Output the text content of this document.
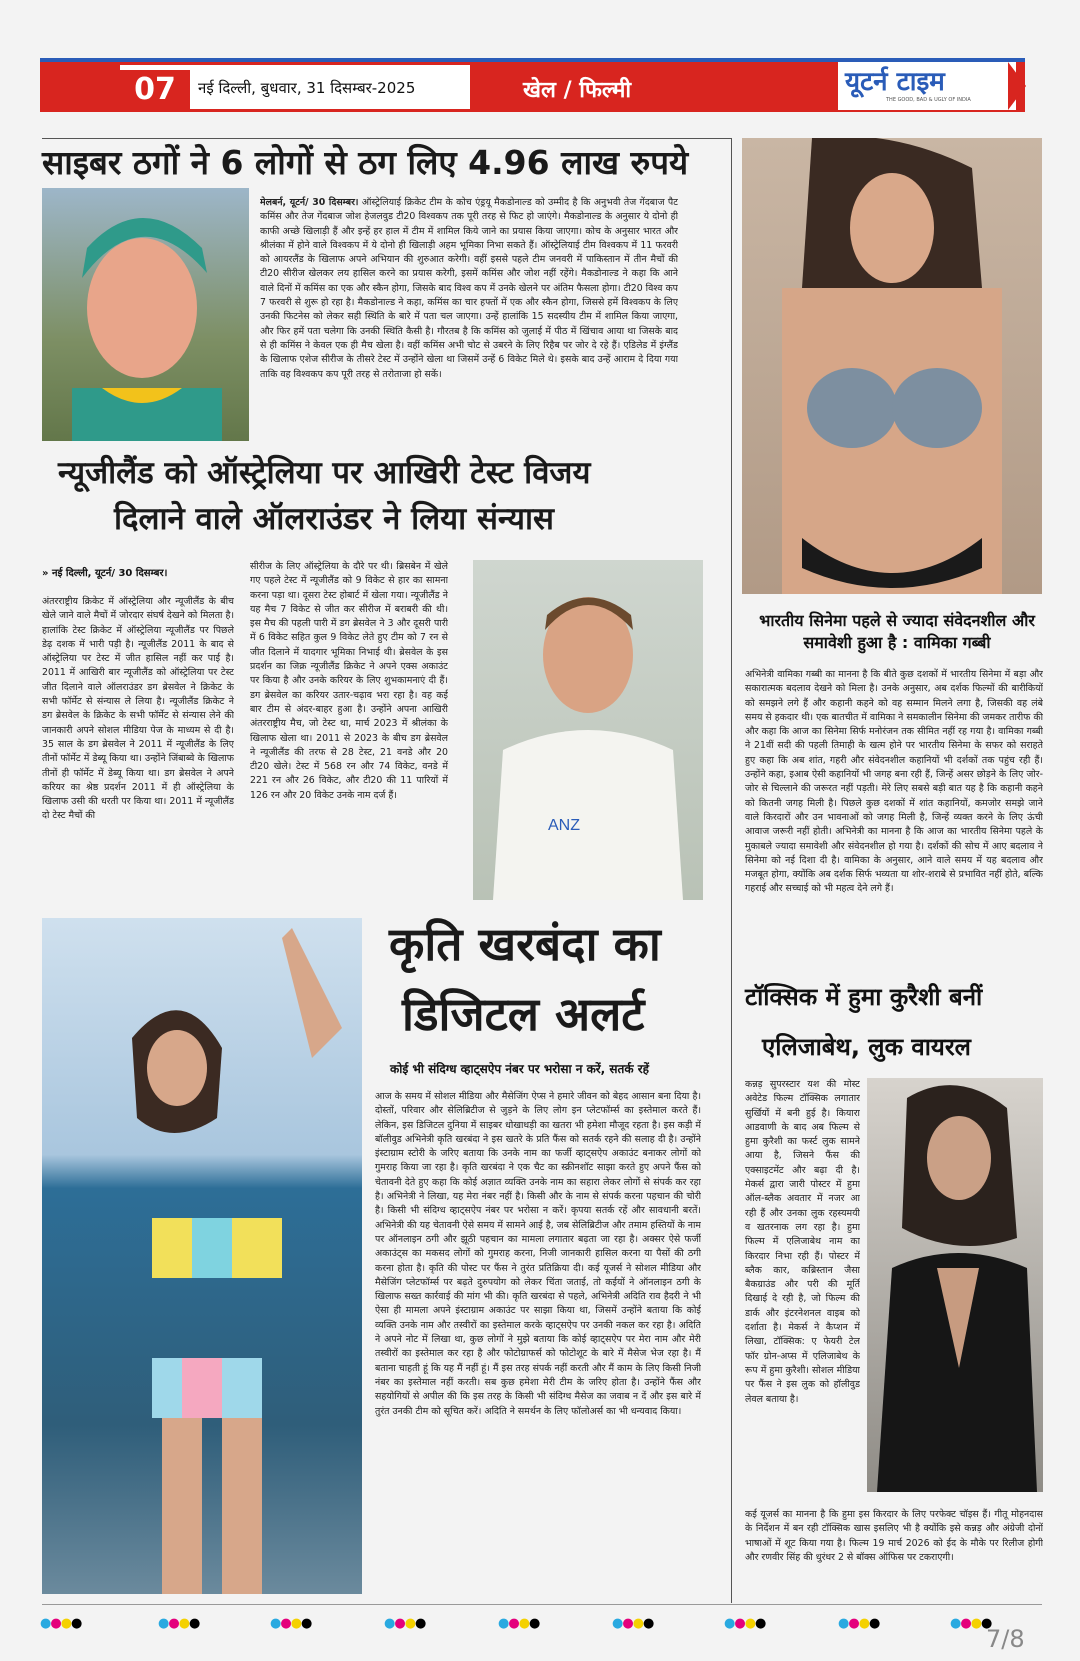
07	नई दिल्ली, बुधवार, 31 दिसम्बर-2025	खेल / फिल्मी	यूटर्न टाइम
THE GOOD, BAD & UGLY OF INDIA
साइबर ठगों ने 6 लोगों से ठग लिए 4.96 लाख रुपये
मेलबर्न, यूटर्न/ 30 दिसम्बर। ऑस्ट्रेलियाई क्रिकेट टीम के कोच एंड्रयू मैकडोनाल्ड को उम्मीद है कि अनुभवी तेज गेंदबाज पैट कमिंस और तेज गेंदबाज जोश हेजलवुड टी20 विश्वकप तक पूरी तरह से फिट हो जाएंगे। मैकडोनाल्ड के अनुसार ये दोनो ही काफी अच्छे खिलाड़ी हैं और इन्हें हर हाल में टीम में शामिल किये जाने का प्रयास किया जाएगा। कोच के अनुसार भारत और श्रीलंका में होने वाले विश्वकप में ये दोनो ही खिलाड़ी अहम भूमिका निभा सकते हैं। ऑस्ट्रेलियाई टीम विश्वकप में 11 फरवरी को आयरलैंड के खिलाफ अपने अभियान की शुरुआत करेगी। वहीं इससे पहले टीम जनवरी में पाकिस्तान में तीन मैचों की टी20 सीरीज खेलकर लय हासिल करने का प्रयास करेगी, इसमें कमिंस और जोश नहीं रहेंगे। मैकडोनाल्ड ने कहा कि आने वाले दिनों में कमिंस का एक और स्कैन होगा, जिसके बाद विश्व कप में उनके खेलने पर अंतिम फैसला होगा। टी20 विश्व कप 7 फरवरी से शुरू हो रहा है। मैकडोनाल्ड ने कहा, कमिंस का चार हफ्तों में एक और स्कैन होगा, जिससे हमें विश्वकप के लिए उनकी फिटनेस को लेकर सही स्थिति के बारे में पता चल जाएगा। उन्हें हालांकि 15 सदस्यीय टीम में शामिल किया जाएगा, और फिर हमें पता चलेगा कि उनकी स्थिति कैसी है। गौरतब है कि कमिंस को जुलाई में पीठ में खिंचाव आया था जिसके बाद से ही कमिंस ने केवल एक ही मैच खेला है। वहीं कमिंस अभी चोट से उबरने के लिए रिहैब पर जोर दे रहे हैं। एडिलेड में इंग्लैंड के खिलाफ एशेज सीरीज के तीसरे टेस्ट में उन्होंने खेला था जिसमें उन्हें 6 विकेट मिले थे। इसके बाद उन्हें आराम दे दिया गया ताकि वह विश्वकप कप पूरी तरह से तरोताजा हो सकें।
न्यूजीलैंड को ऑस्ट्रेलिया पर आखिरी टेस्ट विजय
दिलाने वाले ऑलराउंडर ने लिया संन्यास
» नई दिल्ली, यूटर्न/ 30 दिसम्बर।
अंतरराष्ट्रीय क्रिकेट में ऑस्ट्रेलिया और न्यूजीलैंड के बीच खेले जाने वाले मैचों में जोरदार संघर्ष देखने को मिलता है। हालांकि टेस्ट क्रिकेट में ऑस्ट्रेलिया न्यूजीलैंड पर पिछले डेढ़ दशक में भारी पड़ी है। न्यूजीलैंड 2011 के बाद से ऑस्ट्रेलिया पर टेस्ट में जीत हासिल नहीं कर पाई है। 2011 में आखिरी बार न्यूजीलैंड को ऑस्ट्रेलिया पर टेस्ट जीत दिलाने वाले ऑलराउंडर डग ब्रेसवेल ने क्रिकेट के सभी फॉर्मेट से संन्यास ले लिया है। न्यूजीलैंड क्रिकेट ने डग ब्रेसवेल के क्रिकेट के सभी फॉर्मेट से संन्यास लेने की जानकारी अपने सोशल मीडिया पेज के माध्यम से दी है। 35 साल के डग ब्रेसवेल ने 2011 में न्यूजीलैंड के लिए तीनों फॉर्मेट में डेब्यू किया था। उन्होंने जिंबाब्वे के खिलाफ तीनों ही फॉर्मेट में डेब्यू किया था। डग ब्रेसवेल ने अपने करियर का श्रेष्ठ प्रदर्शन 2011 में ही ऑस्ट्रेलिया के खिलाफ उसी की धरती पर किया था। 2011 में न्यूजीलैंड दो टेस्ट मैचों की
सीरीज के लिए ऑस्ट्रेलिया के दौरे पर थी। ब्रिसबेन में खेले गए पहले टेस्ट में न्यूजीलैंड को 9 विकेट से हार का सामना करना पड़ा था। दूसरा टेस्ट होबार्ट में खेला गया। न्यूजीलैंड ने यह मैच 7 विकेट से जीत कर सीरीज में बराबरी की थी। इस मैच की पहली पारी में डग ब्रेसवेल ने 3 और दूसरी पारी में 6 विकेट सहित कुल 9 विकेट लेते हुए टीम को 7 रन से जीत दिलाने में यादगार भूमिका निभाई थी। ब्रेसवेल के इस प्रदर्शन का जिक्र न्यूजीलैंड क्रिकेट ने अपने एक्स अकाउंट पर किया है और उनके करियर के लिए शुभकामनाएं दी हैं। डग ब्रेसवेल का करियर उतार-चढ़ाव भरा रहा है। वह कई बार टीम से अंदर-बाहर हुआ है। उन्होंने अपना आखिरी अंतरराष्ट्रीय मैच, जो टेस्ट था, मार्च 2023 में श्रीलंका के खिलाफ खेला था। 2011 से 2023 के बीच डग ब्रेसवेल ने न्यूजीलैंड की तरफ से 28 टेस्ट, 21 वनडे और 20 टी20 खेले। टेस्ट में 568 रन और 74 विकेट, वनडे में 221 रन और 26 विकेट, और टी20 की 11 पारियों में 126 रन और 20 विकेट उनके नाम दर्ज हैं।
ANZ
भारतीय सिनेमा पहले से ज्यादा संवेदनशील और समावेशी हुआ है : वामिका गब्बी
अभिनेत्री वामिका गब्बी का मानना है कि बीते कुछ दशकों में भारतीय सिनेमा में बड़ा और सकारात्मक बदलाव देखने को मिला है। उनके अनुसार, अब दर्शक फिल्मों की बारीकियों को समझने लगे हैं और कहानी कहने को वह सम्मान मिलने लगा है, जिसकी वह लंबे समय से हकदार थी। एक बातचीत में वामिका ने समकालीन सिनेमा की जमकर तारीफ की और कहा कि आज का सिनेमा सिर्फ मनोरंजन तक सीमित नहीं रह गया है। वामिका गब्बी ने 21वीं सदी की पहली तिमाही के खत्म होने पर भारतीय सिनेमा के सफर को सराहते हुए कहा कि अब शांत, गहरी और संवेदनशील कहानियों भी दर्शकों तक पहुंच रही हैं। उन्होंने कहा, इआब ऐसी कहानियों भी जगह बना रही हैं, जिन्हें असर छोड़ने के लिए जोर-जोर से चिल्लाने की जरूरत नहीं पड़ती। मेरे लिए सबसे बड़ी बात यह है कि कहानी कहने को कितनी जगह मिली है। पिछले कुछ दशकों में शांत कहानियों, कमजोर समझे जाने वाले किरदारों और उन भावनाओं को जगह मिली है, जिन्हें व्यक्त करने के लिए ऊंची आवाज जरूरी नहीं होती। अभिनेत्री का मानना है कि आज का भारतीय सिनेमा पहले के मुकाबले ज्यादा समावेशी और संवेदनशील हो गया है। दर्शकों की सोच में आए बदलाव ने सिनेमा को नई दिशा दी है। वामिका के अनुसार, आने वाले समय में यह बदलाव और मजबूत होगा, क्योंकि अब दर्शक सिर्फ भव्यता या शोर-शराबे से प्रभावित नहीं होते, बल्कि गहराई और सच्चाई को भी महत्व देने लगे हैं।
कृति खरबंदा का
डिजिटल अलर्ट
कोई भी संदिग्ध व्हाट्सऐप नंबर पर भरोसा न करें, सतर्क रहें
आज के समय में सोशल मीडिया और मैसेजिंग ऐप्स ने हमारे जीवन को बेहद आसान बना दिया है। दोस्तों, परिवार और सेलिब्रिटीज से जुड़ने के लिए लोग इन प्लेटफॉर्म्स का इस्तेमाल करते हैं। लेकिन, इस डिजिटल दुनिया में साइबर धोखाधड़ी का खतरा भी हमेशा मौजूद रहता है। इस कड़ी में बॉलीवुड अभिनेत्री कृति खरबंदा ने इस खतरे के प्रति फैंस को सतर्क रहने की सलाह दी है। उन्होंने इंस्टाग्राम स्टोरी के जरिए बताया कि उनके नाम का फर्जी व्हाट्सऐप अकाउंट बनाकर लोगों को गुमराह किया जा रहा है। कृति खरबंदा ने एक चैट का स्क्रीनशॉट साझा करते हुए अपने फैंस को चेतावनी देते हुए कहा कि कोई अज्ञात व्यक्ति उनके नाम का सहारा लेकर लोगों से संपर्क कर रहा है। अभिनेत्री ने लिखा, यह मेरा नंबर नहीं है। किसी और के नाम से संपर्क करना पहचान की चोरी है। किसी भी संदिग्ध व्हाट्सऐप नंबर पर भरोसा न करें। कृपया सतर्क रहें और सावधानी बरतें। अभिनेत्री की यह चेतावनी ऐसे समय में सामने आई है, जब सेलिब्रिटीज और तमाम हस्तियों के नाम पर ऑनलाइन ठगी और झूठी पहचान का मामला लगातार बढ़ता जा रहा है। अक्सर ऐसे फर्जी अकाउंट्स का मकसद लोगों को गुमराह करना, निजी जानकारी हासिल करना या पैसों की ठगी करना होता है। कृति की पोस्ट पर फैंस ने तुरंत प्रतिक्रिया दी। कई यूजर्स ने सोशल मीडिया और मैसेजिंग प्लेटफॉर्म्स पर बढ़ते दुरुपयोग को लेकर चिंता जताई, तो कईयों ने ऑनलाइन ठगी के खिलाफ सख्त कार्रवाई की मांग भी की। कृति खरबंदा से पहले, अभिनेत्री अदिति राव हैदरी ने भी ऐसा ही मामला अपने इंस्टाग्राम अकाउंट पर साझा किया था, जिसमें उन्होंने बताया कि कोई व्यक्ति उनके नाम और तस्वीरों का इस्तेमाल करके व्हाट्सऐप पर उनकी नकल कर रहा है। अदिति ने अपने नोट में लिखा था, कुछ लोगों ने मुझे बताया कि कोई व्हाट्सऐप पर मेरा नाम और मेरी तस्वीरों का इस्तेमाल कर रहा है और फोटोग्राफर्स को फोटोशूट के बारे में मैसेज भेज रहा है। मैं बताना चाहती हूं कि यह मैं नहीं हूं। मैं इस तरह संपर्क नहीं करती और मैं काम के लिए किसी निजी नंबर का इस्तेमाल नहीं करती। सब कुछ हमेशा मेरी टीम के जरिए होता है। उन्होंने फैंस और सहयोगियों से अपील की कि इस तरह के किसी भी संदिग्ध मैसेज का जवाब न दें और इस बारे में तुरंत उनकी टीम को सूचित करें। अदिति ने समर्थन के लिए फॉलोअर्स का भी धन्यवाद किया।
टॉक्सिक में हुमा कुरैशी बनीं
एलिजाबेथ, लुक वायरल
कन्नड़ सुपरस्टार यश की मोस्ट अवेटेड फिल्म टॉक्सिक लगातार सुर्खियों में बनी हुई है। कियारा आडवाणी के बाद अब फिल्म से हुमा कुरैशी का फर्स्ट लुक सामने आया है, जिसने फैंस की एक्साइटमेंट और बढ़ा दी है। मेकर्स द्वारा जारी पोस्टर में हुमा ऑल-ब्लैक अवतार में नजर आ रही हैं और उनका लुक रहस्यमयी व खतरनाक लग रहा है। हुमा फिल्म में एलिजाबेथ नाम का किरदार निभा रही हैं। पोस्टर में ब्लैक कार, कब्रिस्तान जैसा बैकग्राउंड और परी की मूर्ति दिखाई दे रही है, जो फिल्म की डार्क और इंटरनेशनल वाइब को दर्शाता है। मेकर्स ने कैप्शन में लिखा, टॉक्सिक: ए फेयरी टेल फॉर ग्रोन-अप्स में एलिजाबेथ के रूप में हुमा कुरैशी। सोशल मीडिया पर फैंस ने इस लुक को हॉलीवुड लेवल बताया है।
कई यूजर्स का मानना है कि हुमा इस किरदार के लिए परफेक्ट चॉइस हैं। गीतू मोहनदास के निर्देशन में बन रही टॉक्सिक खास इसलिए भी है क्योंकि इसे कन्नड़ और अंग्रेजी दोनों भाषाओं में शूट किया गया है। फिल्म 19 मार्च 2026 को ईद के मौके पर रिलीज होगी और रणवीर सिंह की धुरंधर 2 से बॉक्स ऑफिस पर टकराएगी।
●●●●	●●●●	●●●●	●●●●	●●●●	●●●●	●●●●	●●●●	●●●●
7/8
